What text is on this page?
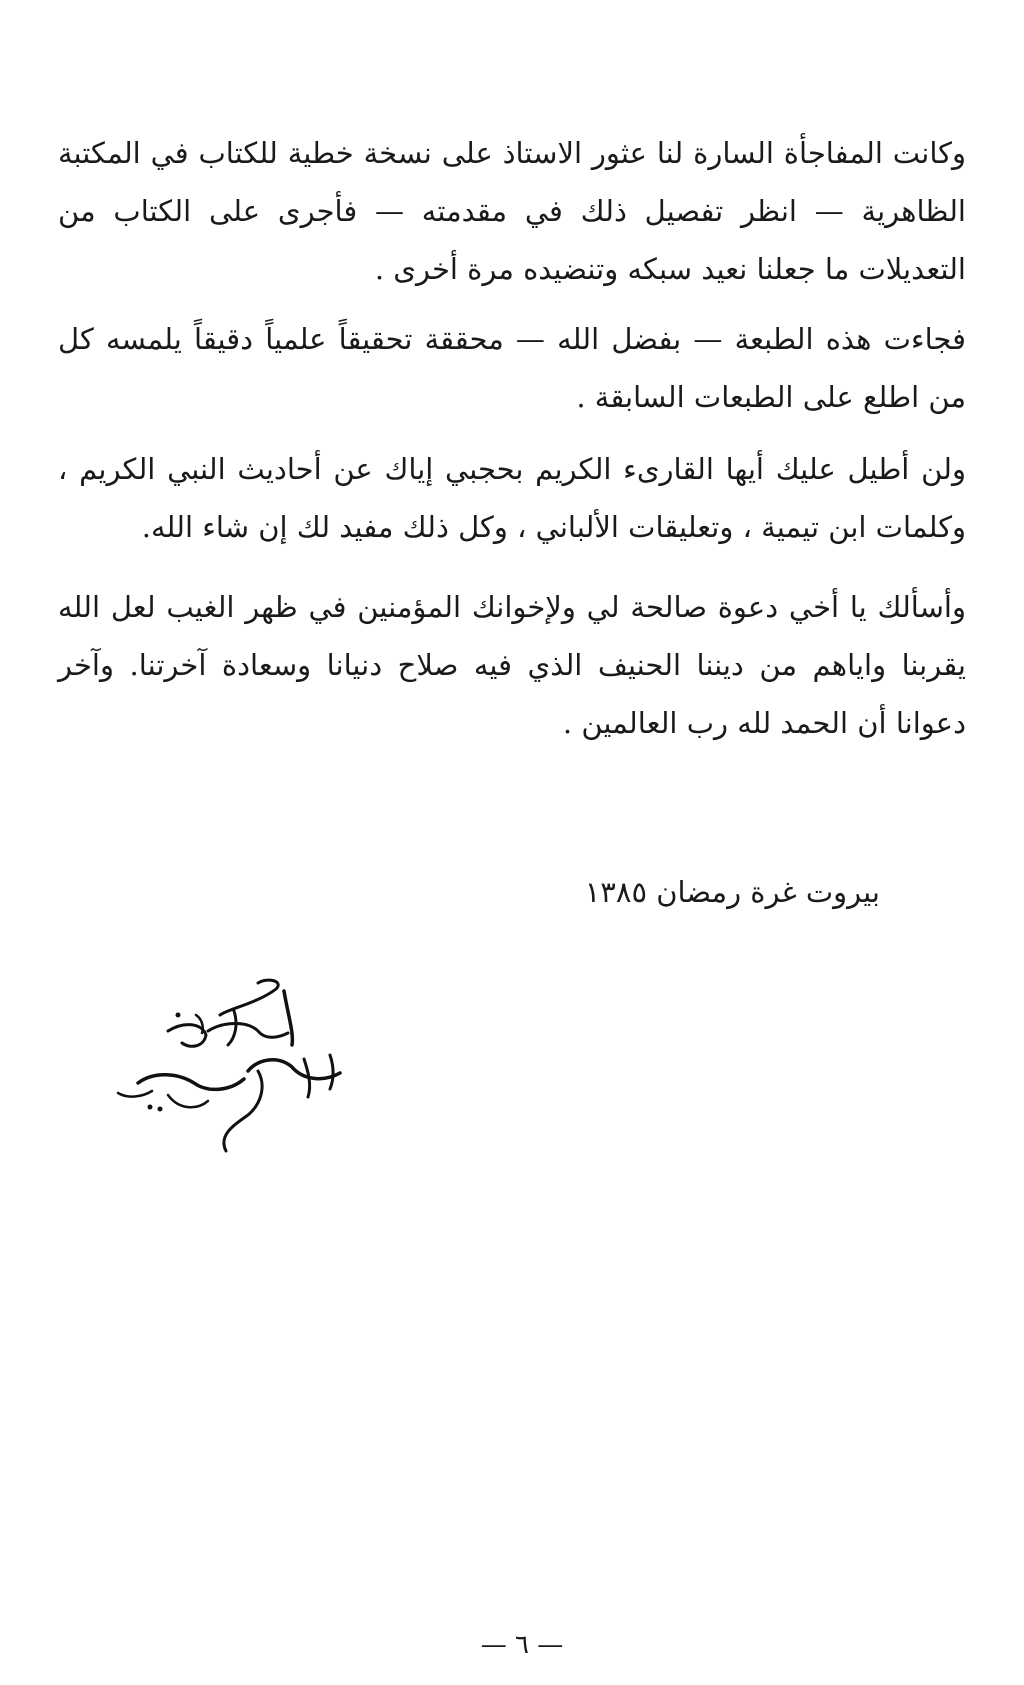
وكانت المفاجأة السارة لنا عثور الاستاذ على نسخة خطية للكتاب في المكتبة الظاهرية — انظر تفصيل ذلك في مقدمته — فأجرى على الكتاب من التعديلات ما جعلنا نعيد سبكه وتنضيده مرة أخرى .

فجاءت هذه الطبعة — بفضل الله — محققة تحقيقاً علمياً دقيقاً يلمسه كل من اطلع على الطبعات السابقة .

ولن أطيل عليك أيها القارىء الكريم بحجبي إياك عن أحاديث النبي الكريم ، وكلمات ابن تيمية ، وتعليقات الألباني ، وكل ذلك مفيد لك إن شاء الله.

وأسألك يا أخي دعوة صالحة لي ولإخوانك المؤمنين في ظهر الغيب لعل الله يقربنا واياهم من ديننا الحنيف الذي فيه صلاح دنيانا وسعادة آخرتنا. وآخر دعوانا أن الحمد لله رب العالمين .

بيروت غرة رمضان ١٣٨٥
— ٦ —
